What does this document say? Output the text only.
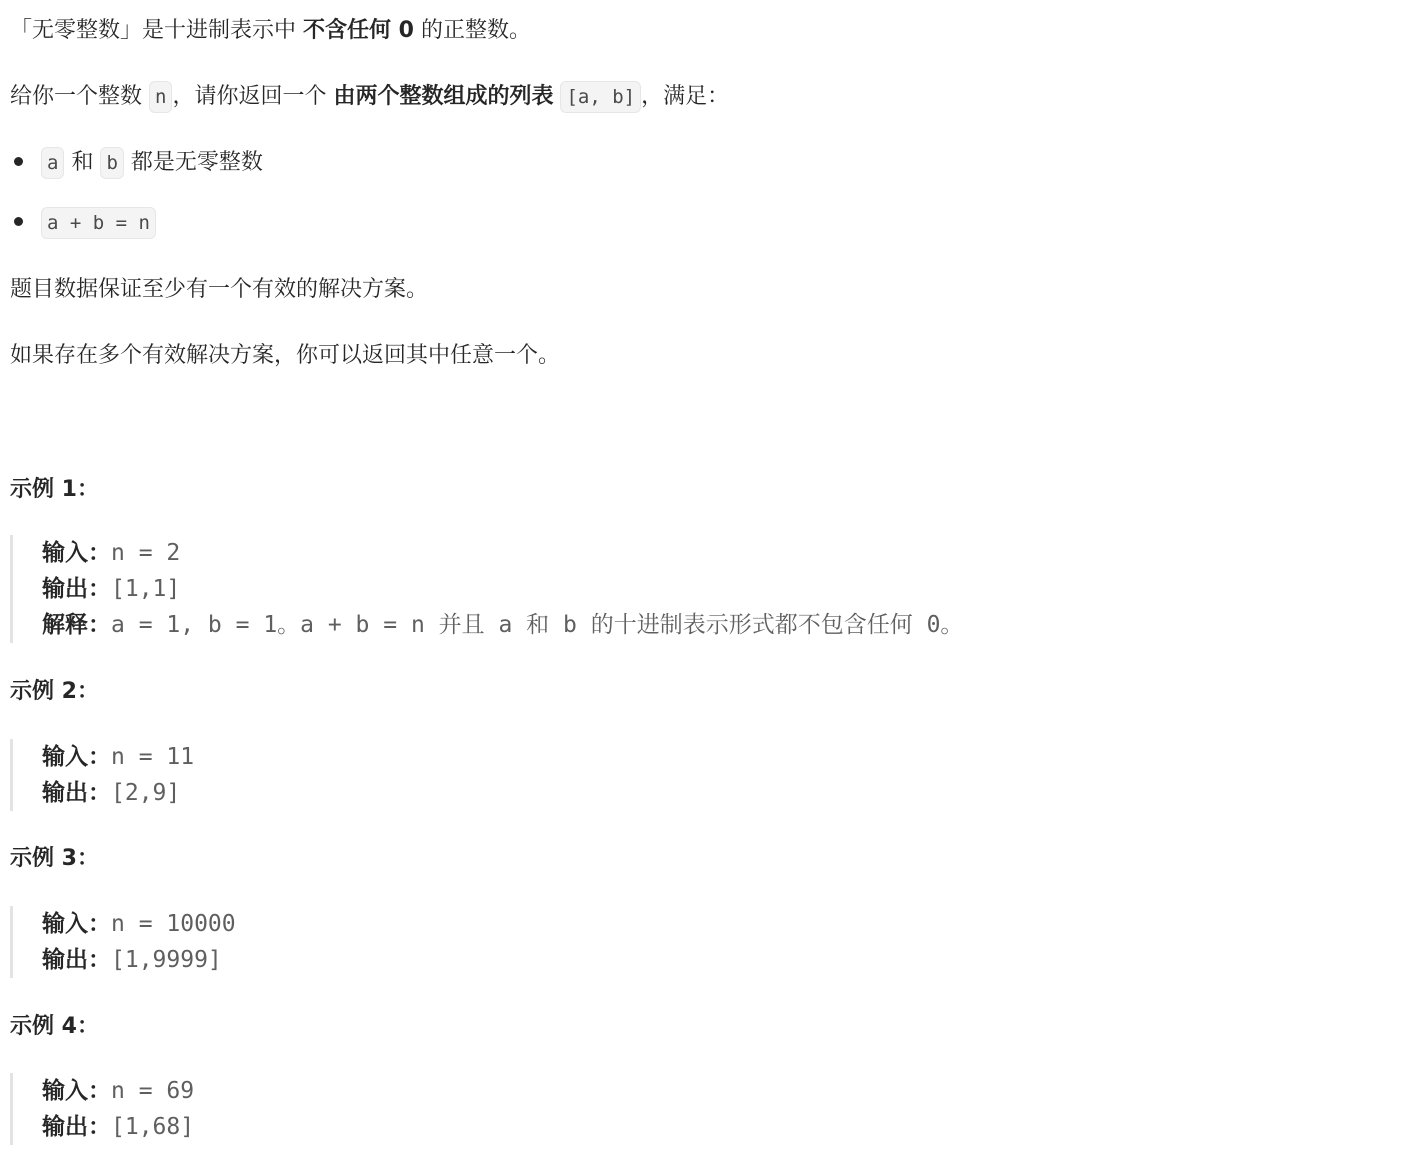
「无零整数」是十进制表示中 不含任何 0 的正整数。
给你一个整数 n ，请你返回一个 由两个整数组成的列表 [a, b] ，满足：
a 和 b 都是无零整数
a + b = n
题目数据保证至少有一个有效的解决方案。
如果存在多个有效解决方案，你可以返回其中任意一个。
示例 1：
输入：n = 2
输出：[1,1]
解释：a = 1, b = 1。a + b = n 并且 a 和 b 的十进制表示形式都不包含任何 0。
示例 2：
输入：n = 11
输出：[2,9]
示例 3：
输入：n = 10000
输出：[1,9999]
示例 4：
输入：n = 69
输出：[1,68]
